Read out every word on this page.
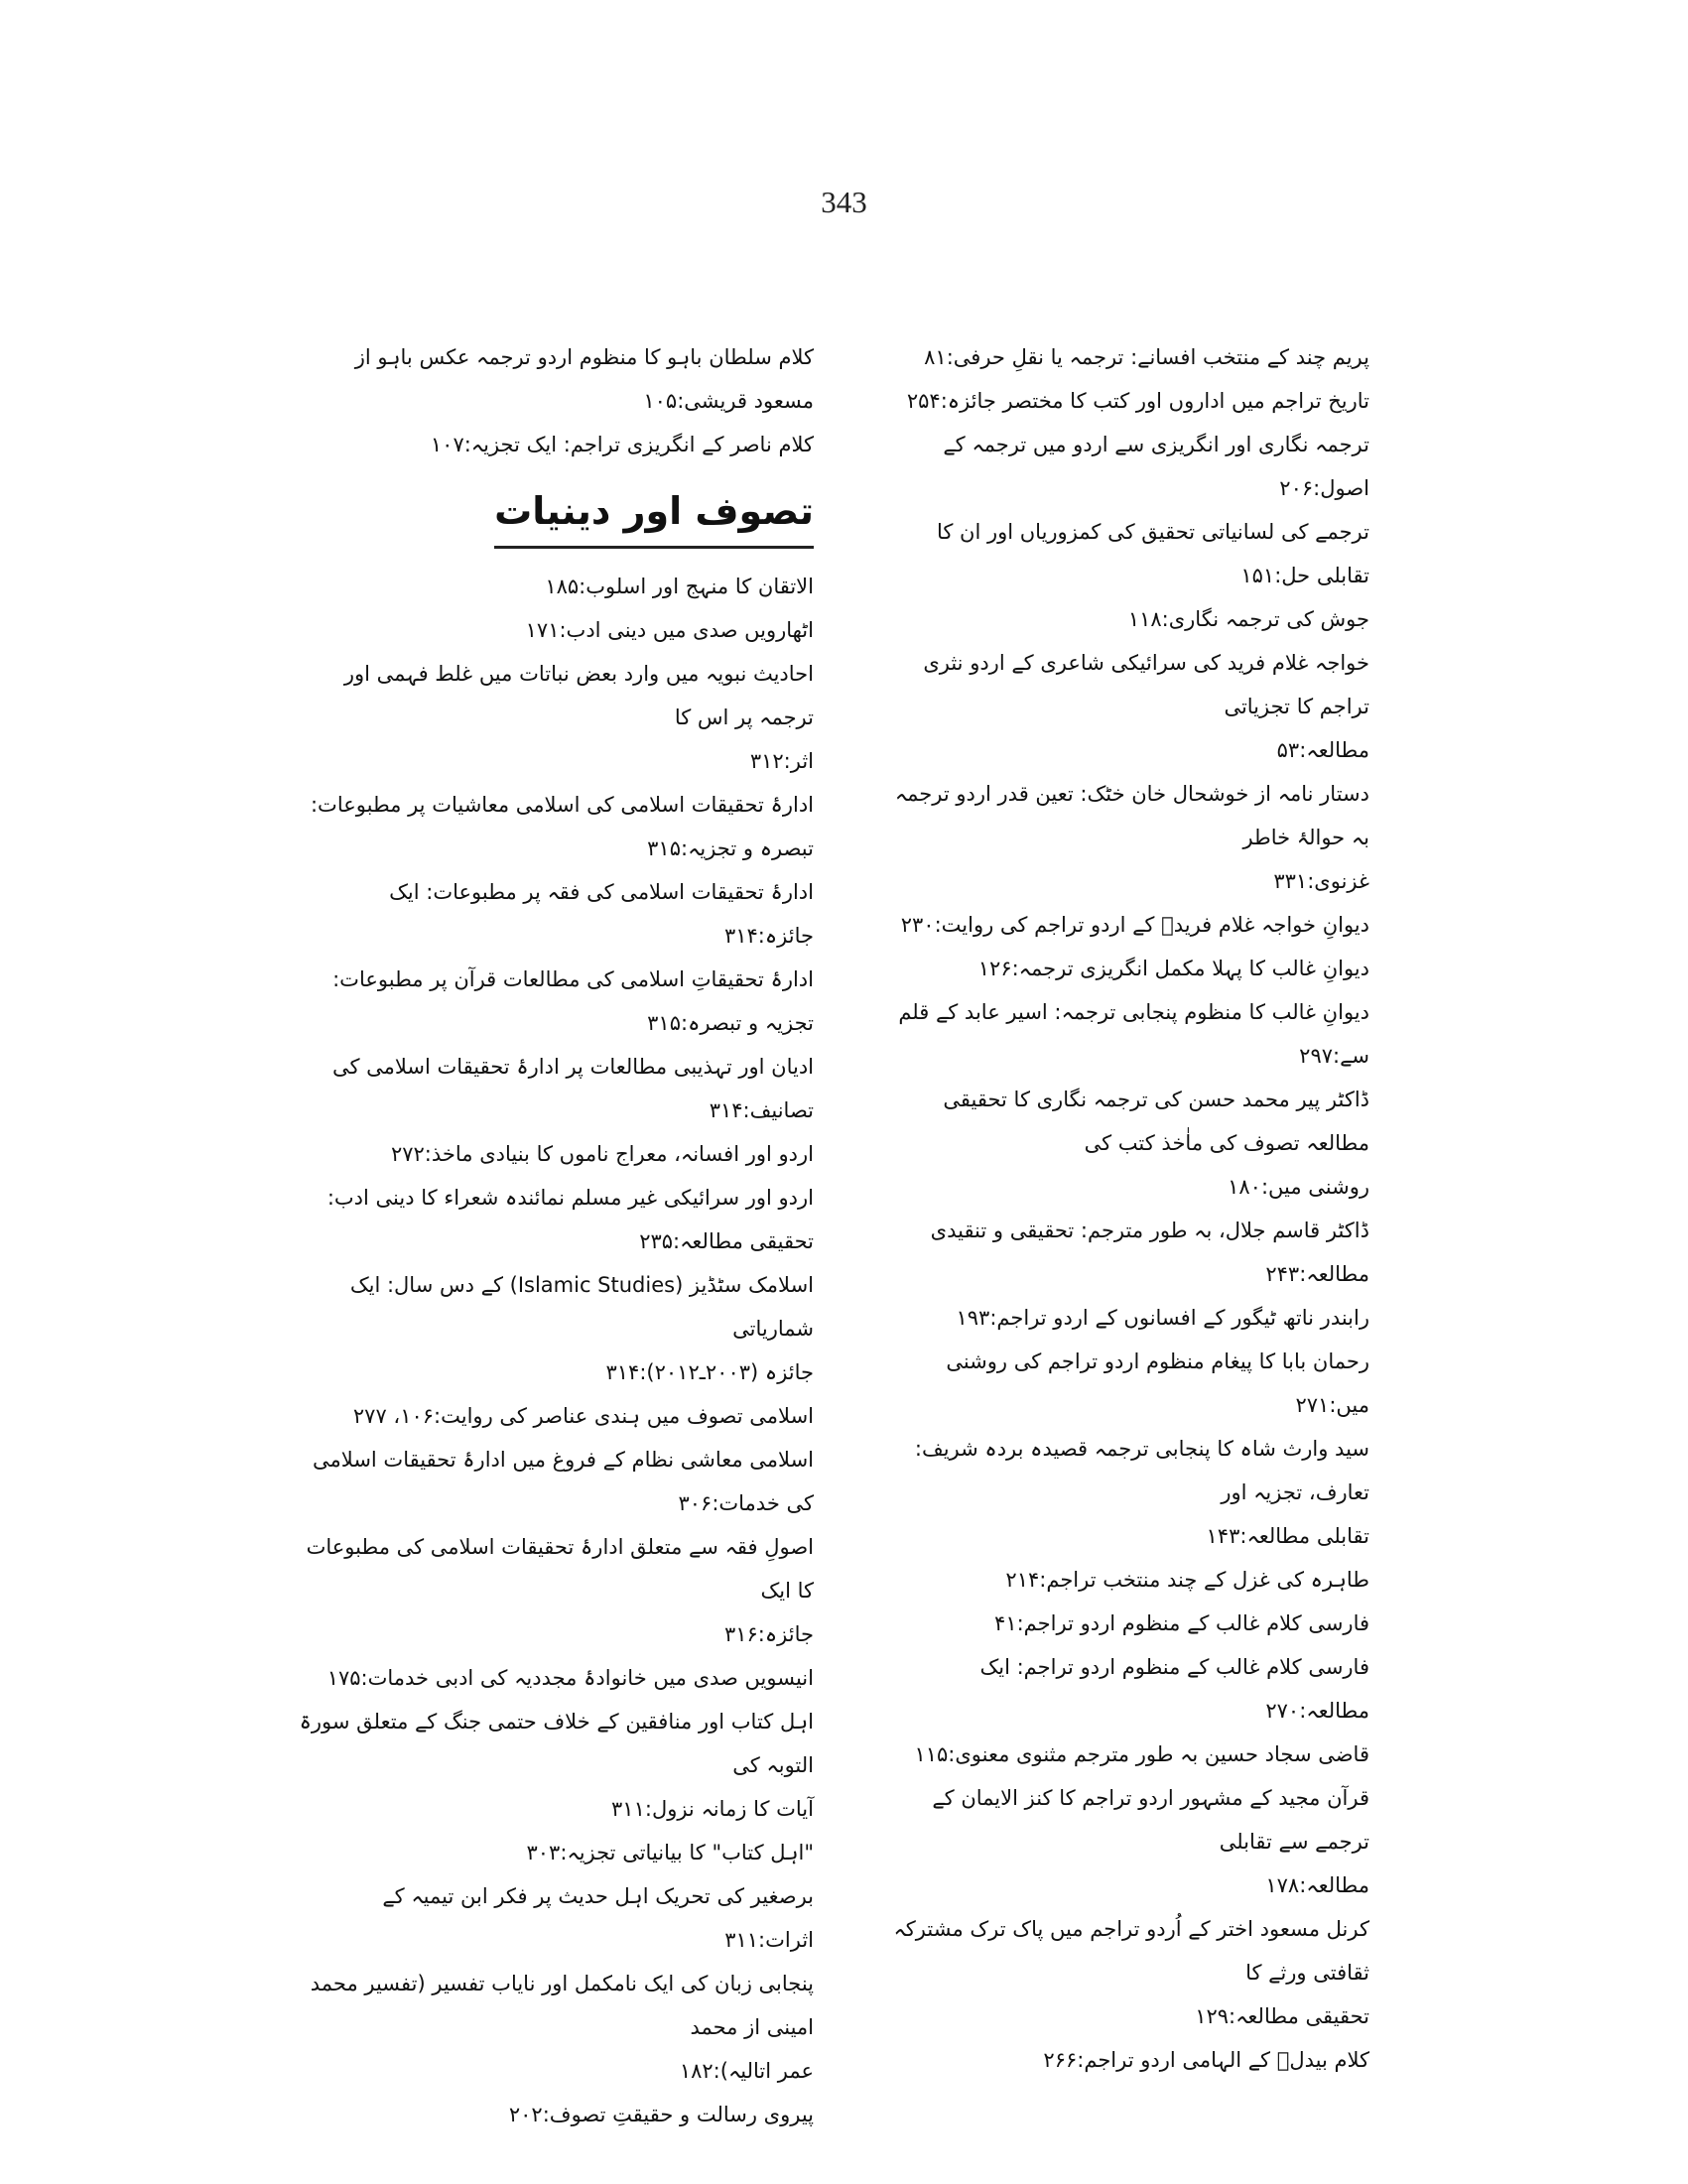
343

پریم چند کے منتخب افسانے: ترجمہ یا نقلِ حرفی:۸۱

تاریخ تراجم میں اداروں اور کتب کا مختصر جائزہ:۲۵۴

ترجمہ نگاری اور انگریزی سے اردو میں ترجمہ کے اصول:۲۰۶

ترجمے کی لسانیاتی تحقیق کی کمزوریاں اور ان کا تقابلی حل:۱۵۱

جوش کی ترجمہ نگاری:۱۱۸

خواجہ غلام فرید کی سرائیکی شاعری کے اردو نثری تراجم کا تجزیاتی

مطالعہ:۵۳

دستار نامہ از خوشحال خان خٹک: تعین قدر اردو ترجمہ بہ حوالۂ خاطر

غزنوی:۳۳۱

دیوانِ خواجہ غلام فریدؒ کے اردو تراجم کی روایت:۲۳۰

دیوانِ غالب کا پہلا مکمل انگریزی ترجمہ:۱۲۶

دیوانِ غالب کا منظوم پنجابی ترجمہ: اسیر عابد کے قلم سے:۲۹۷

ڈاکٹر پیر محمد حسن کی ترجمہ نگاری کا تحقیقی مطالعہ تصوف کی ماٰخذ کتب کی

روشنی میں:۱۸۰

ڈاکٹر قاسم جلال، بہ طور مترجم: تحقیقی و تنقیدی مطالعہ:۲۴۳

رابندر ناتھ ٹیگور کے افسانوں کے اردو تراجم:۱۹۳

رحمان بابا کا پیغام منظوم اردو تراجم کی روشنی میں:۲۷۱

سید وارث شاہ کا پنجابی ترجمہ قصیدہ بردہ شریف: تعارف، تجزیہ اور

تقابلی مطالعہ:۱۴۳

طاہرہ کی غزل کے چند منتخب تراجم:۲۱۴

فارسی کلام غالب کے منظوم اردو تراجم:۴۱

فارسی کلام غالب کے منظوم اردو تراجم: ایک مطالعہ:۲۷۰

قاضی سجاد حسین بہ طور مترجم مثنوی معنوی:۱۱۵

قرآن مجید کے مشہور اردو تراجم کا کنز الایمان کے ترجمے سے تقابلی

مطالعہ:۱۷۸

کرنل مسعود اختر کے اُردو تراجم میں پاک ترک مشترکہ ثقافتی ورثے کا

تحقیقی مطالعہ:۱۲۹

کلام بیدلؔ کے الہامی اردو تراجم:۲۶۶

کلام سلطان باہو کا منظوم اردو ترجمہ عکس باہو از مسعود قریشی:۱۰۵

کلام ناصر کے انگریزی تراجم: ایک تجزیہ:۱۰۷

تصوف اور دینیات

الاتقان کا منہج اور اسلوب:۱۸۵

اٹھارویں صدی میں دینی ادب:۱۷۱

احادیث نبویہ میں وارد بعض نباتات میں غلط فہمی اور ترجمہ پر اس کا

اثر:۳۱۲

ادارۂ تحقیقات اسلامی کی اسلامی معاشیات پر مطبوعات: تبصرہ و تجزیہ:۳۱۵

ادارۂ تحقیقات اسلامی کی فقہ پر مطبوعات: ایک جائزہ:۳۱۴

ادارۂ تحقیقاتِ اسلامی کی مطالعات قرآن پر مطبوعات: تجزیہ و تبصرہ:۳۱۵

ادیان اور تہذیبی مطالعات پر ادارۂ تحقیقات اسلامی کی تصانیف:۳۱۴

اردو اور افسانہ، معراج ناموں کا بنیادی ماخذ:۲۷۲

اردو اور سرائیکی غیر مسلم نمائندہ شعراء کا دینی ادب: تحقیقی مطالعہ:۲۳۵

اسلامک سٹڈیز (Islamic Studies) کے دس سال: ایک شماریاتی

جائزہ (۲۰۰۳ـ۲۰۱۲):۳۱۴

اسلامی تصوف میں ہندی عناصر کی روایت:۱۰۶، ۲۷۷

اسلامی معاشی نظام کے فروغ میں ادارۂ تحقیقات اسلامی کی خدمات:۳۰۶

اصولِ فقہ سے متعلق ادارۂ تحقیقات اسلامی کی مطبوعات کا ایک

جائزہ:۳۱۶

انیسویں صدی میں خانوادۂ مجددیہ کی ادبی خدمات:۱۷۵

اہل کتاب اور منافقین کے خلاف حتمی جنگ کے متعلق سورۃ التوبہ کی

آیات کا زمانہ نزول:۳۱۱

"اہل کتاب" کا بیانیاتی تجزیہ:۳۰۳

برصغیر کی تحریک اہل حدیث پر فکر ابن تیمیہ کے اثرات:۳۱۱

پنجابی زبان کی ایک نامکمل اور نایاب تفسیر (تفسیر محمد امینی از محمد

عمر اتالیہ):۱۸۲

پیروی رسالت و حقیقتِ تصوف:۲۰۲
